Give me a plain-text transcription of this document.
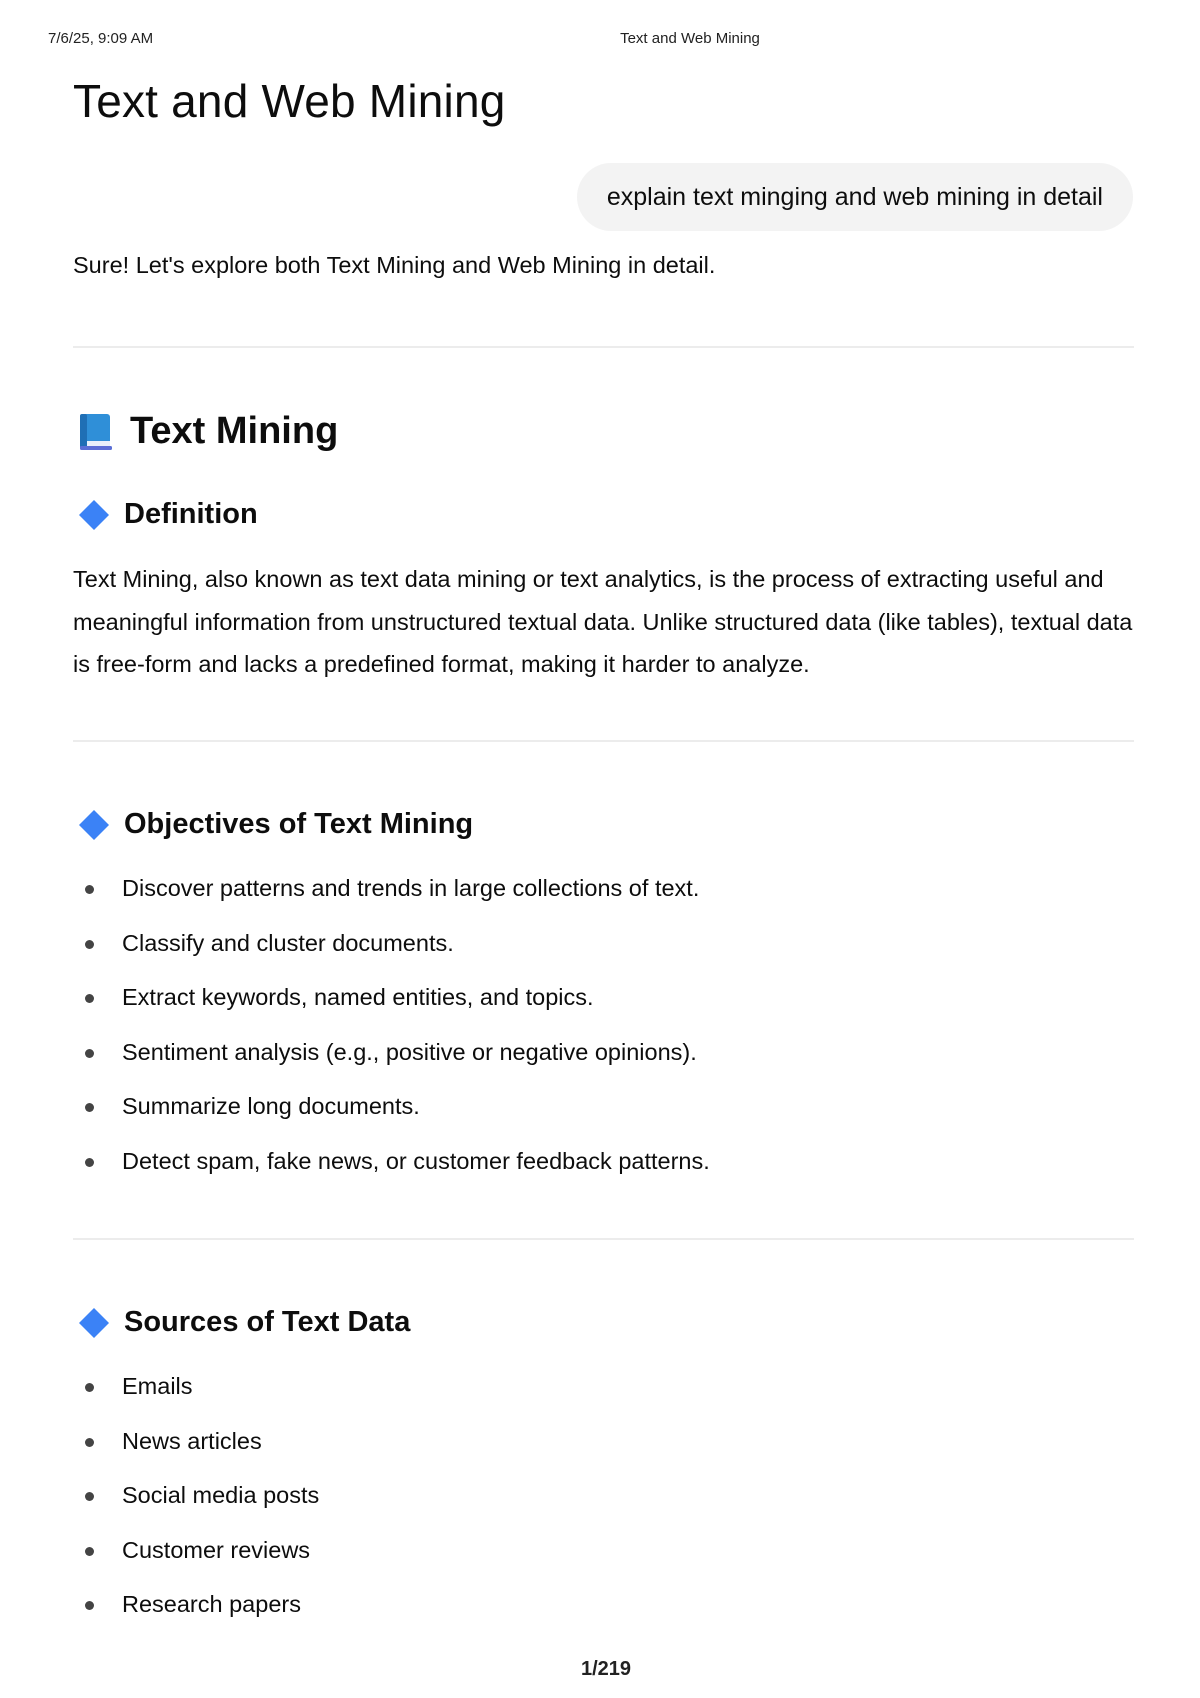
7/6/25, 9:09 AM	Text and Web Mining
Text and Web Mining
explain text minging and web mining in detail

Sure! Let's explore both Text Mining and Web Mining in detail.

Text Mining
Definition

Text Mining, also known as text data mining or text analytics, is the process of extracting useful and meaningful information from unstructured textual data. Unlike structured data (like tables), textual data is free-form and lacks a predefined format, making it harder to analyze.

Objectives of Text Mining
Discover patterns and trends in large collections of text.
Classify and cluster documents.
Extract keywords, named entities, and topics.
Sentiment analysis (e.g., positive or negative opinions).
Summarize long documents.
Detect spam, fake news, or customer feedback patterns.
Sources of Text Data
Emails
News articles
Social media posts
Customer reviews
Research papers
1/219
